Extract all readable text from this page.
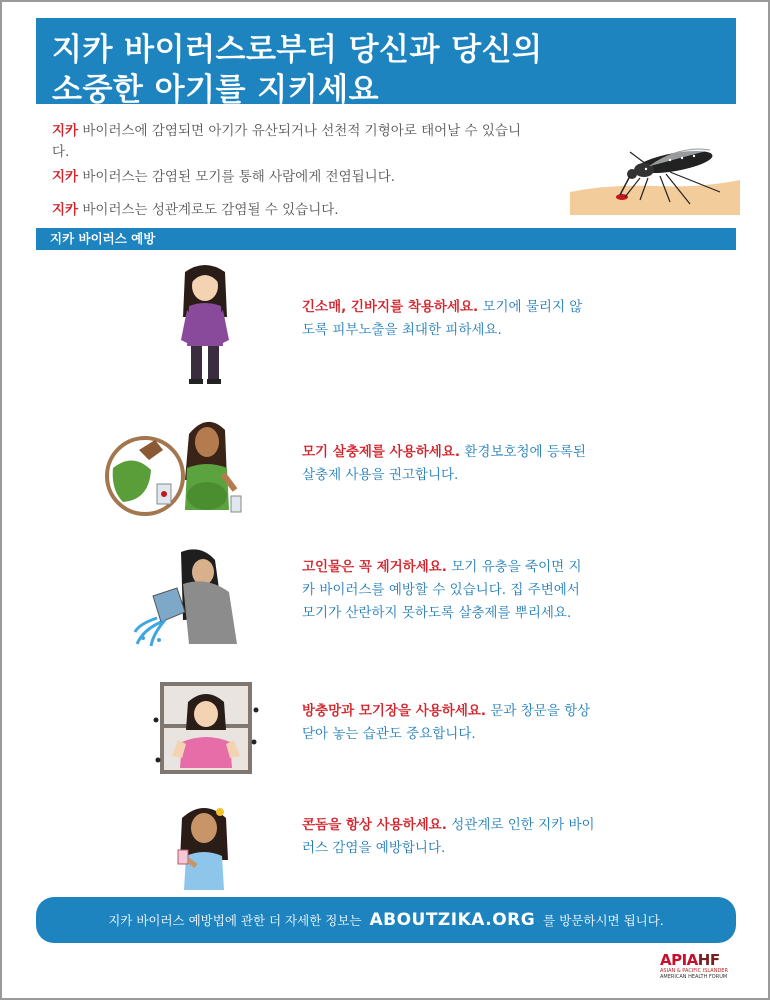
지카 바이러스로부터 당신과 당신의
소중한 아기를 지키세요
지카 바이러스에 감염되면 아기가 유산되거나 선천적 기형아로 태어날 수 있습니다.
지카 바이러스는 감염된 모기를 통해 사람에게 전염됩니다.
지카 바이러스는 성관계로도 감염될 수 있습니다.
지카 바이러스 예방
긴소매, 긴바지를 착용하세요. 모기에 물리지 않도록 피부노출을 최대한 피하세요.
모기 살충제를 사용하세요. 환경보호청에 등록된 살충제 사용을 권고합니다.
고인물은 꼭 제거하세요. 모기 유충을 죽이면 지카 바이러스를 예방할 수 있습니다. 집 주변에서 모기가 산란하지 못하도록 살충제를 뿌리세요.
방충망과 모기장을 사용하세요. 문과 창문을 항상 닫아 놓는 습관도 중요합니다.
콘돔을 항상 사용하세요. 성관계로 인한 지카 바이러스 감염을 예방합니다.
지카 바이러스 예방법에 관한 더 자세한 정보는 ABOUTZIKA.ORG 를 방문하시면 됩니다.
APIAHF
ASIAN & PACIFIC ISLANDER
AMERICAN HEALTH FORUM
